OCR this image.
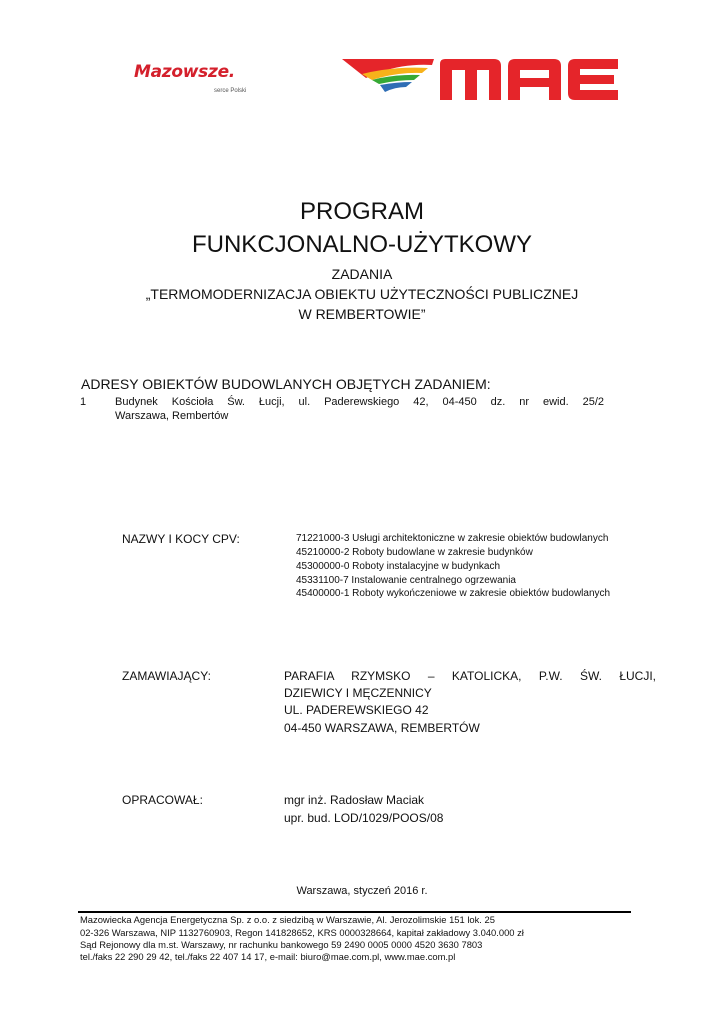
Mazowsze.
serce Polski
PROGRAM
FUNKCJONALNO-UŻYTKOWY
ZADANIA
„TERMOMODERNIZACJA OBIEKTU UŻYTECZNOŚCI PUBLICZNEJ
W REMBERTOWIE”
ADRESY OBIEKTÓW BUDOWLANYCH OBJĘTYCH ZADANIEM:
1	Budynek Kościoła Św. Łucji, ul. Paderewskiego 42, 04-450 dz. nr ewid. 25/2
Warszawa, Rembertów
NAZWY I KOCY CPV:	71221000-3 Usługi architektoniczne w zakresie obiektów budowlanych
45210000-2 Roboty budowlane w zakresie budynków
45300000-0 Roboty instalacyjne w budynkach
45331100-7 Instalowanie centralnego ogrzewania
45400000-1 Roboty wykończeniowe w zakresie obiektów budowlanych
ZAMAWIAJĄCY:	PARAFIA RZYMSKO – KATOLICKA, P.W. ŚW. ŁUCJI,
DZIEWICY I MĘCZENNICY
UL. PADEREWSKIEGO 42
04-450 WARSZAWA, REMBERTÓW
OPRACOWAŁ:	mgr inż. Radosław Maciak
upr. bud. LOD/1029/POOS/08
Warszawa, styczeń 2016 r.
Mazowiecka Agencja Energetyczna Sp. z o.o. z siedzibą w Warszawie, Al. Jerozolimskie 151 lok. 25
02-326 Warszawa, NIP 1132760903, Regon 141828652, KRS 0000328664, kapitał zakładowy 3.040.000 zł
Sąd Rejonowy dla m.st. Warszawy, nr rachunku bankowego 59 2490 0005 0000 4520 3630 7803
tel./faks 22 290 29 42, tel./faks 22 407 14 17, e-mail: biuro@mae.com.pl, www.mae.com.pl
